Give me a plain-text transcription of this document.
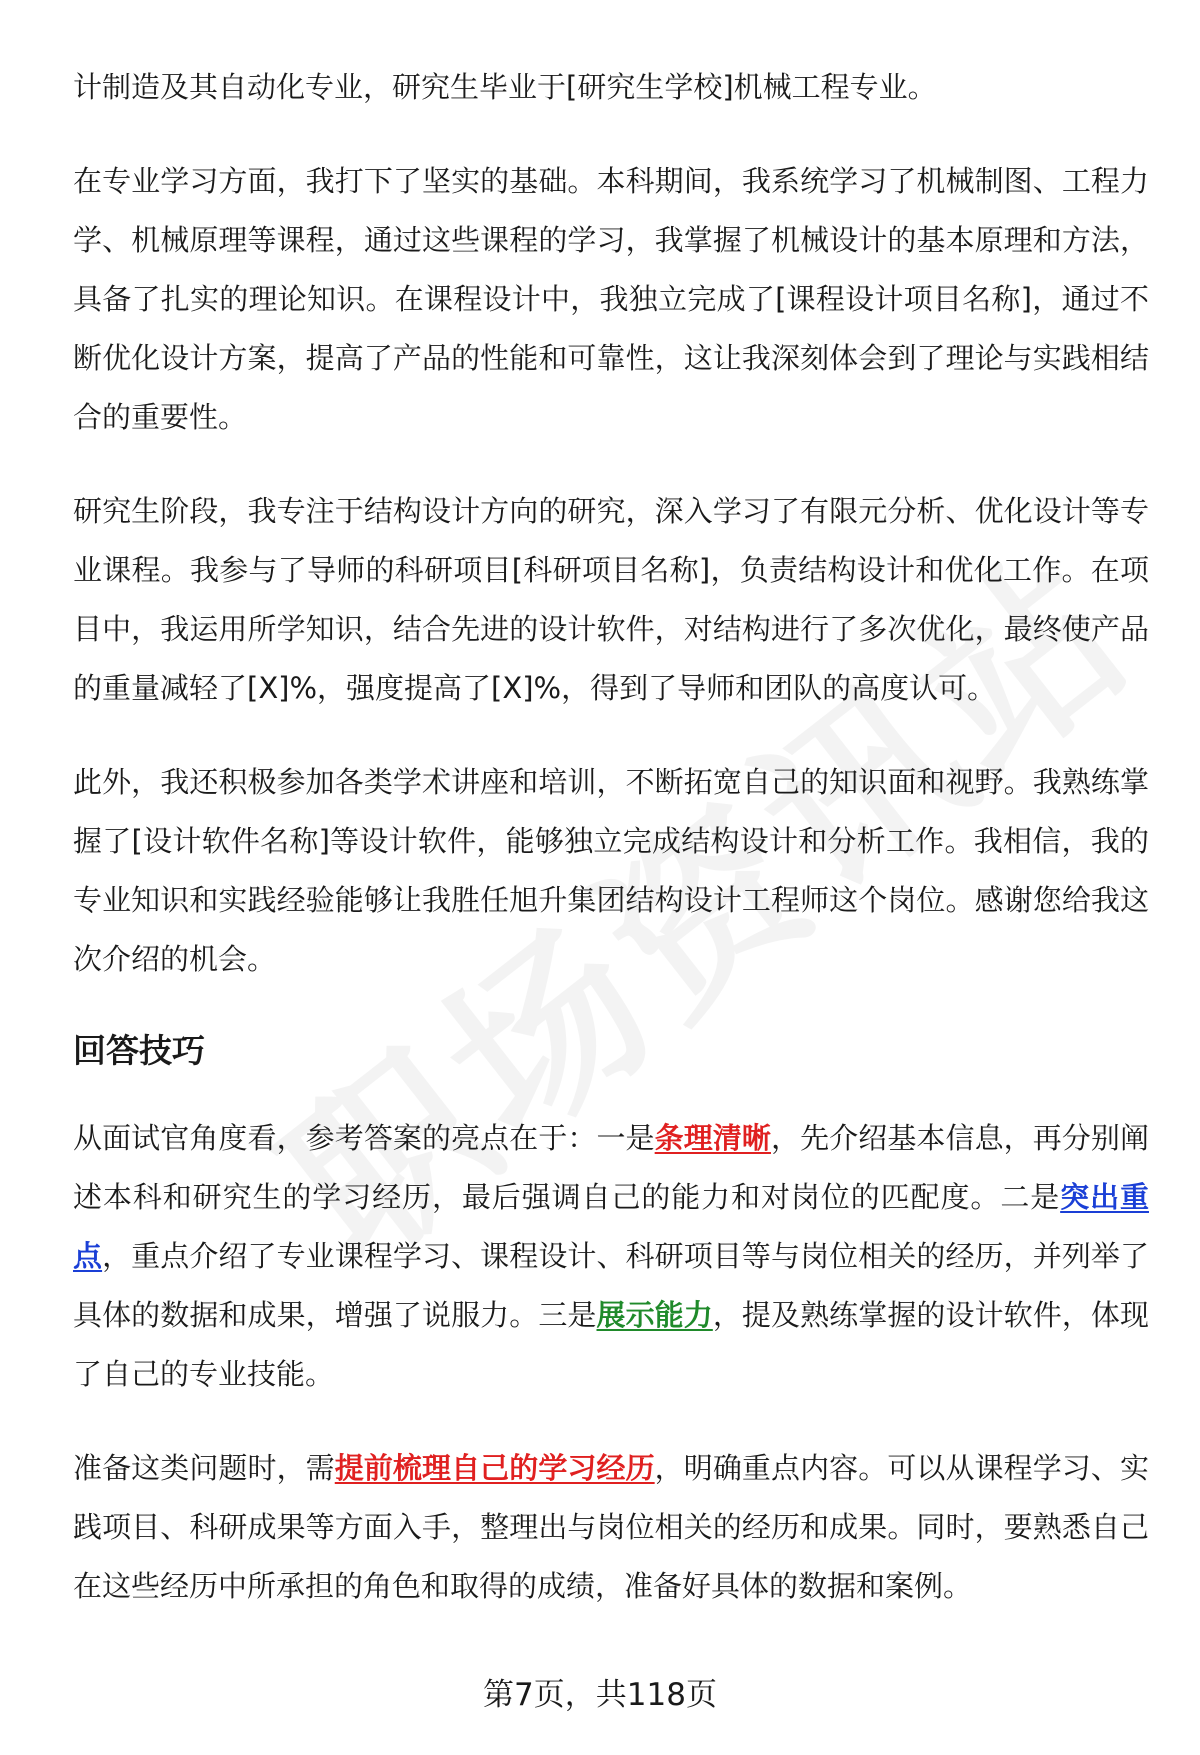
计制造及其自动化专业，研究生毕业于[研究生学校]机械工程专业。

在专业学习方面，我打下了坚实的基础。本科期间，我系统学习了机械制图、工程力学、机械原理等课程，通过这些课程的学习，我掌握了机械设计的基本原理和方法，具备了扎实的理论知识。在课程设计中，我独立完成了[课程设计项目名称]，通过不断优化设计方案，提高了产品的性能和可靠性，这让我深刻体会到了理论与实践相结合的重要性。

研究生阶段，我专注于结构设计方向的研究，深入学习了有限元分析、优化设计等专业课程。我参与了导师的科研项目[科研项目名称]，负责结构设计和优化工作。在项目中，我运用所学知识，结合先进的设计软件，对结构进行了多次优化，最终使产品的重量减轻了[X]%，强度提高了[X]%，得到了导师和团队的高度认可。

此外，我还积极参加各类学术讲座和培训，不断拓宽自己的知识面和视野。我熟练掌握了[设计软件名称]等设计软件，能够独立完成结构设计和分析工作。我相信，我的专业知识和实践经验能够让我胜任旭升集团结构设计工程师这个岗位。感谢您给我这次介绍的机会。

回答技巧

从面试官角度看，参考答案的亮点在于：一是条理清晰，先介绍基本信息，再分别阐述本科和研究生的学习经历，最后强调自己的能力和对岗位的匹配度。二是突出重点，重点介绍了专业课程学习、课程设计、科研项目等与岗位相关的经历，并列举了具体的数据和成果，增强了说服力。三是展示能力，提及熟练掌握的设计软件，体现了自己的专业技能。

准备这类问题时，需提前梳理自己的学习经历，明确重点内容。可以从课程学习、实践项目、科研成果等方面入手，整理出与岗位相关的经历和成果。同时，要熟悉自己在这些经历中所承担的角色和取得的成绩，准备好具体的数据和案例。

第7页，共118页
